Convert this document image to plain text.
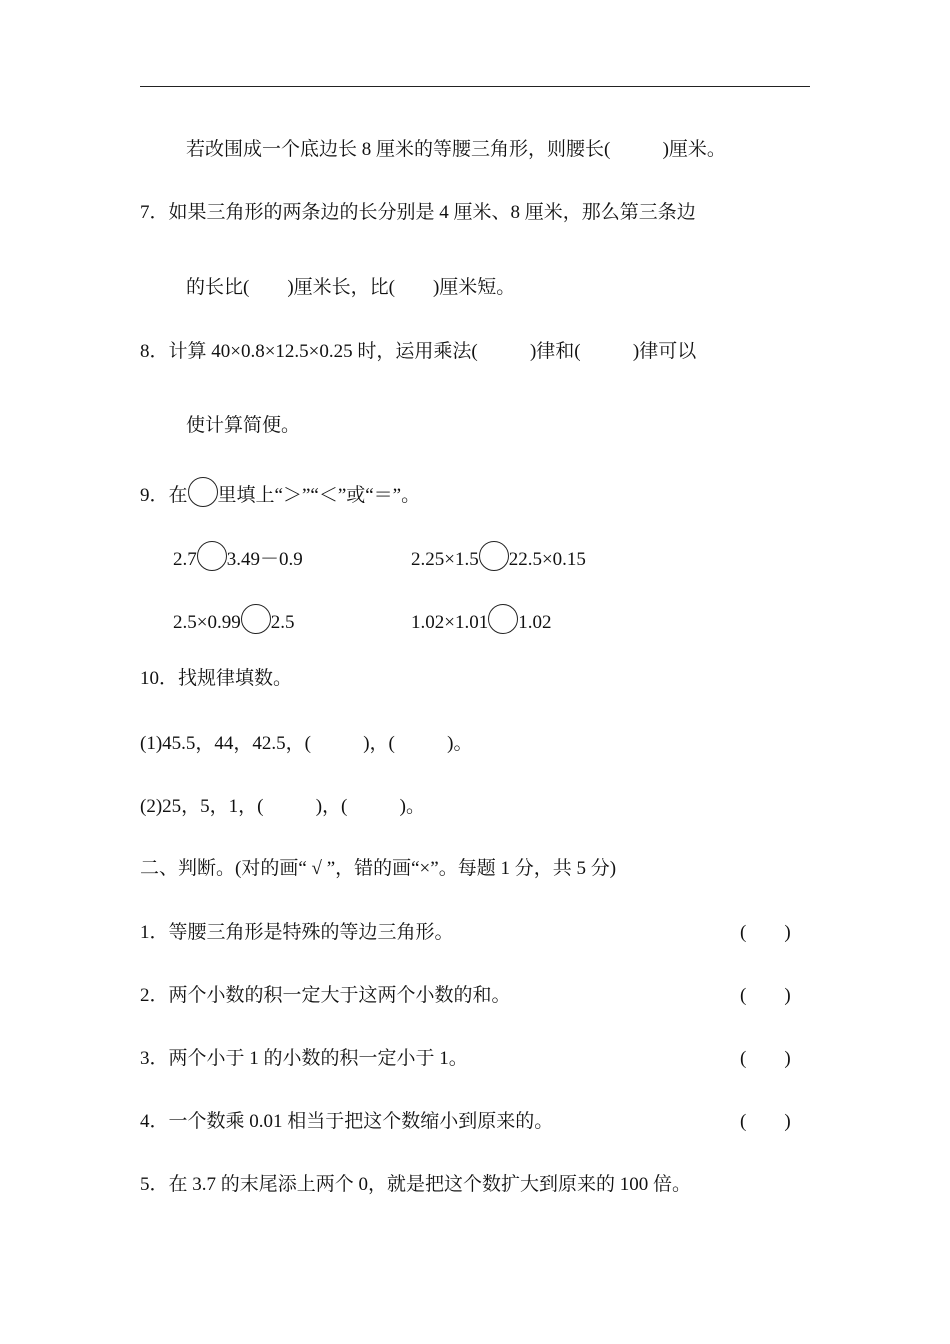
若改围成一个底边长 8 厘米的等腰三角形，则腰长(           )厘米。
7．如果三角形的两条边的长分别是 4 厘米、8 厘米，那么第三条边
的长比(        )厘米长，比(        )厘米短。
8．计算 40×0.8×12.5×0.25 时，运用乘法(           )律和(           )律可以
使计算简便。
9．在 里填上“＞”“＜”或“＝”。
2.7 3.49－0.9	2.25×1.5 22.5×0.15
2.5×0.99 2.5	1.02×1.01 1.02
10．找规律填数。
(1)45.5，44，42.5，(           )，(           )。
(2)25，5，1，(           )，(           )。
二、判断。(对的画“ √ ”，错的画“×”。每题 1 分，共 5 分)
1．等腰三角形是特殊的等边三角形。	(        )
2．两个小数的积一定大于这两个小数的和。	(        )
3．两个小于 1 的小数的积一定小于 1。	(        )
4．一个数乘 0.01 相当于把这个数缩小到原来的。	(        )
5．在 3.7 的末尾添上两个 0，就是把这个数扩大到原来的 100 倍。
